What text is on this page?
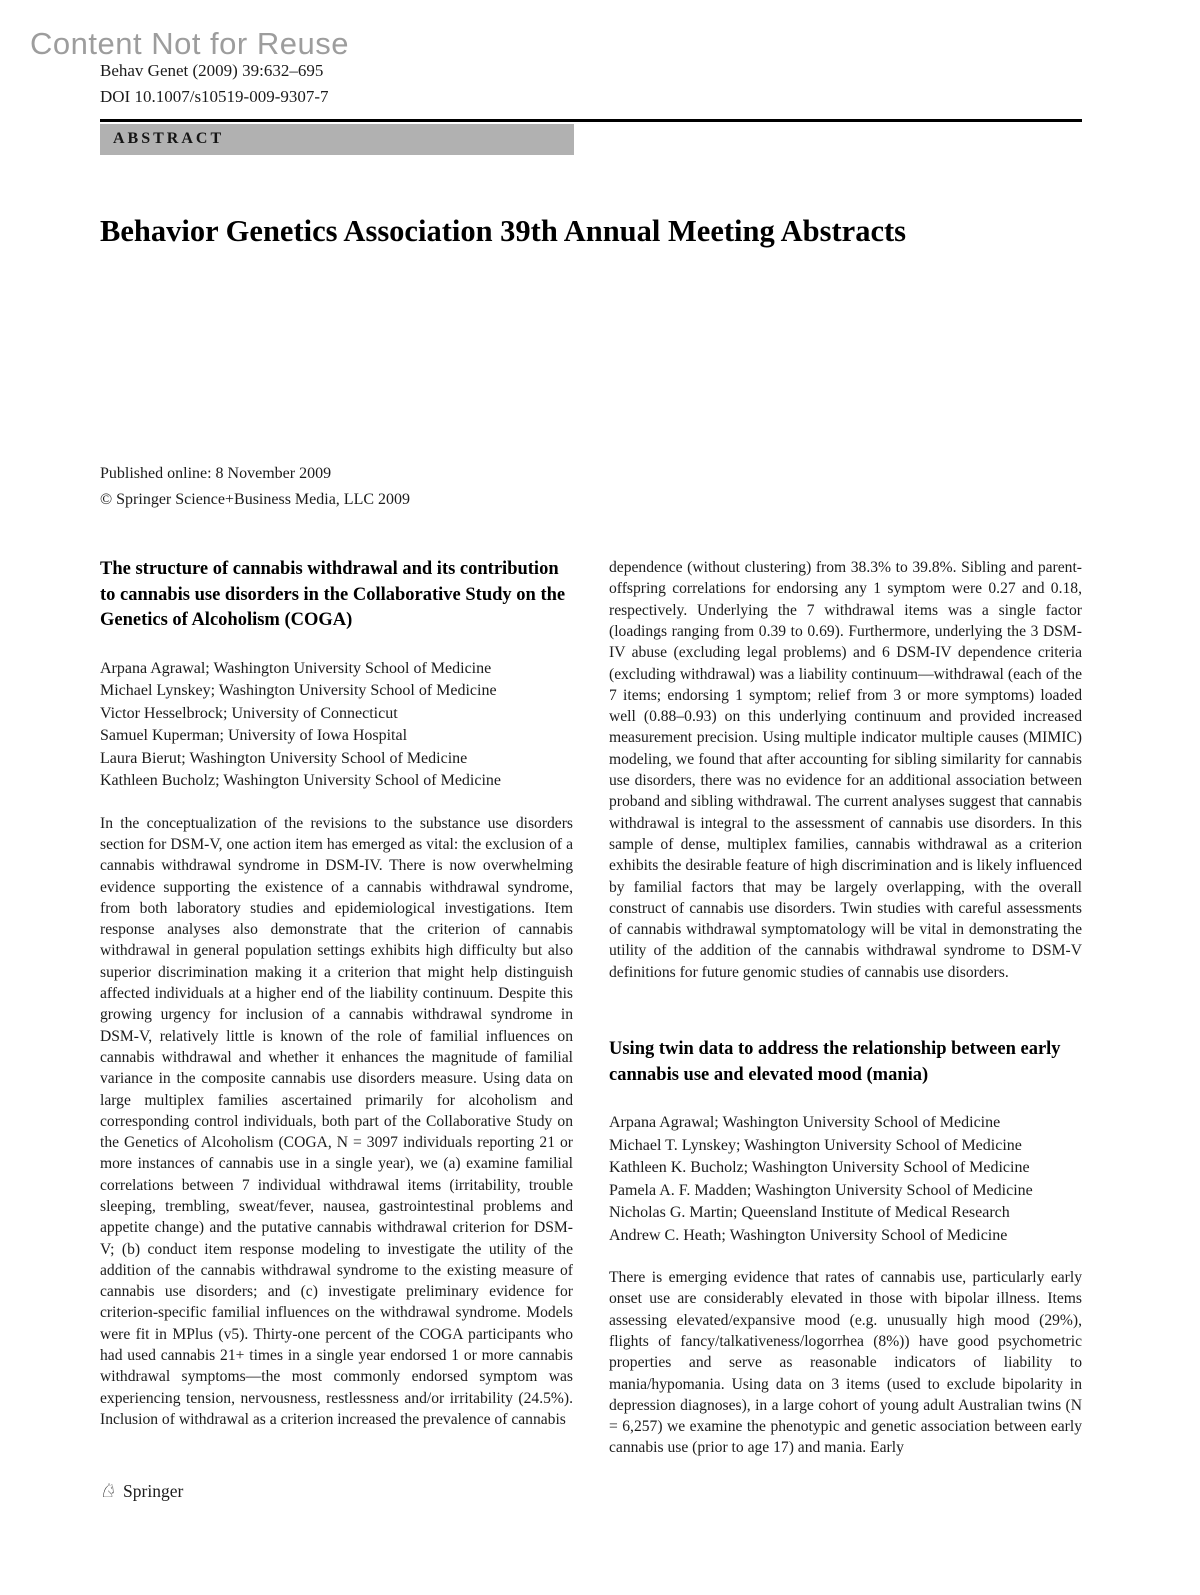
Content Not for Reuse
Behav Genet (2009) 39:632–695
DOI 10.1007/s10519-009-9307-7
ABSTRACT
Behavior Genetics Association 39th Annual Meeting Abstracts
Published online: 8 November 2009
© Springer Science+Business Media, LLC 2009
The structure of cannabis withdrawal and its contribution to cannabis use disorders in the Collaborative Study on the Genetics of Alcoholism (COGA)
Arpana Agrawal; Washington University School of Medicine
Michael Lynskey; Washington University School of Medicine
Victor Hesselbrock; University of Connecticut
Samuel Kuperman; University of Iowa Hospital
Laura Bierut; Washington University School of Medicine
Kathleen Bucholz; Washington University School of Medicine

In the conceptualization of the revisions to the substance use disorders section for DSM-V, one action item has emerged as vital: the exclusion of a cannabis withdrawal syndrome in DSM-IV. There is now overwhelming evidence supporting the existence of a cannabis withdrawal syndrome, from both laboratory studies and epidemiological investigations. Item response analyses also demonstrate that the criterion of cannabis withdrawal in general population settings exhibits high difficulty but also superior discrimination making it a criterion that might help distinguish affected individuals at a higher end of the liability continuum. Despite this growing urgency for inclusion of a cannabis withdrawal syndrome in DSM-V, relatively little is known of the role of familial influences on cannabis withdrawal and whether it enhances the magnitude of familial variance in the composite cannabis use disorders measure. Using data on large multiplex families ascertained primarily for alcoholism and corresponding control individuals, both part of the Collaborative Study on the Genetics of Alcoholism (COGA, N = 3097 individuals reporting 21 or more instances of cannabis use in a single year), we (a) examine familial correlations between 7 individual withdrawal items (irritability, trouble sleeping, trembling, sweat/fever, nausea, gastrointestinal problems and appetite change) and the putative cannabis withdrawal criterion for DSM-V; (b) conduct item response modeling to investigate the utility of the addition of the cannabis withdrawal syndrome to the existing measure of cannabis use disorders; and (c) investigate preliminary evidence for criterion-specific familial influences on the withdrawal syndrome. Models were fit in MPlus (v5). Thirty-one percent of the COGA participants who had used cannabis 21+ times in a single year endorsed 1 or more cannabis withdrawal symptoms—the most commonly endorsed symptom was experiencing tension, nervousness, restlessness and/or irritability (24.5%). Inclusion of withdrawal as a criterion increased the prevalence of cannabis

dependence (without clustering) from 38.3% to 39.8%. Sibling and parent-offspring correlations for endorsing any 1 symptom were 0.27 and 0.18, respectively. Underlying the 7 withdrawal items was a single factor (loadings ranging from 0.39 to 0.69). Furthermore, underlying the 3 DSM-IV abuse (excluding legal problems) and 6 DSM-IV dependence criteria (excluding withdrawal) was a liability continuum—withdrawal (each of the 7 items; endorsing 1 symptom; relief from 3 or more symptoms) loaded well (0.88–0.93) on this underlying continuum and provided increased measurement precision. Using multiple indicator multiple causes (MIMIC) modeling, we found that after accounting for sibling similarity for cannabis use disorders, there was no evidence for an additional association between proband and sibling withdrawal. The current analyses suggest that cannabis withdrawal is integral to the assessment of cannabis use disorders. In this sample of dense, multiplex families, cannabis withdrawal as a criterion exhibits the desirable feature of high discrimination and is likely influenced by familial factors that may be largely overlapping, with the overall construct of cannabis use disorders. Twin studies with careful assessments of cannabis withdrawal symptomatology will be vital in demonstrating the utility of the addition of the cannabis withdrawal syndrome to DSM-V definitions for future genomic studies of cannabis use disorders.

Using twin data to address the relationship between early cannabis use and elevated mood (mania)
Arpana Agrawal; Washington University School of Medicine
Michael T. Lynskey; Washington University School of Medicine
Kathleen K. Bucholz; Washington University School of Medicine
Pamela A. F. Madden; Washington University School of Medicine
Nicholas G. Martin; Queensland Institute of Medical Research
Andrew C. Heath; Washington University School of Medicine

There is emerging evidence that rates of cannabis use, particularly early onset use are considerably elevated in those with bipolar illness. Items assessing elevated/expansive mood (e.g. unusually high mood (29%), flights of fancy/talkativeness/logorrhea (8%)) have good psychometric properties and serve as reasonable indicators of liability to mania/hypomania. Using data on 3 items (used to exclude bipolarity in depression diagnoses), in a large cohort of young adult Australian twins (N = 6,257) we examine the phenotypic and genetic association between early cannabis use (prior to age 17) and mania. Early

♘ Springer
